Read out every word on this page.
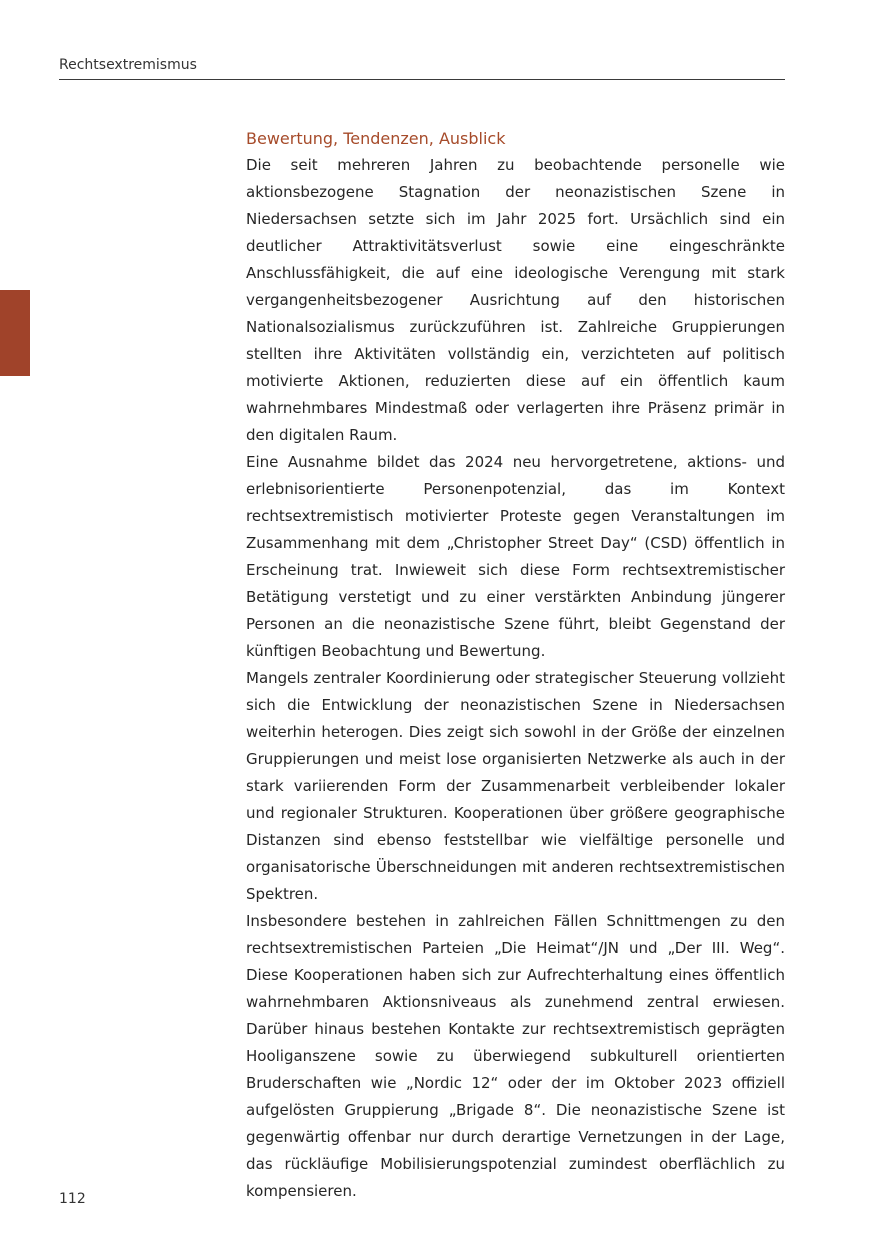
Rechtsextremismus
Bewertung, Tendenzen, Ausblick

Die seit mehreren Jahren zu beobachtende personelle wie aktionsbezogene Stagnation der neonazistischen Szene in Niedersachsen setzte sich im Jahr 2025 fort. Ursächlich sind ein deutlicher Attraktivitätsverlust sowie eine eingeschränkte Anschlussfähigkeit, die auf eine ideologische Verengung mit stark vergangenheitsbezogener Ausrichtung auf den historischen Nationalsozialismus zurückzuführen ist. Zahlreiche Gruppierungen stellten ihre Aktivitäten vollständig ein, verzichteten auf politisch motivierte Aktionen, reduzierten diese auf ein öffentlich kaum wahrnehmbares Mindestmaß oder verlagerten ihre Präsenz primär in den digitalen Raum.

Eine Ausnahme bildet das 2024 neu hervorgetretene, aktions- und erlebnisorientierte Personenpotenzial, das im Kontext rechtsextremistisch motivierter Proteste gegen Veranstaltungen im Zusammenhang mit dem „Christopher Street Day“ (CSD) öffentlich in Erscheinung trat. Inwieweit sich diese Form rechtsextremistischer Betätigung verstetigt und zu einer verstärkten Anbindung jüngerer Personen an die neonazistische Szene führt, bleibt Gegenstand der künftigen Beobachtung und Bewertung.

Mangels zentraler Koordinierung oder strategischer Steuerung vollzieht sich die Entwicklung der neonazistischen Szene in Niedersachsen weiterhin heterogen. Dies zeigt sich sowohl in der Größe der einzelnen Gruppierungen und meist lose organisierten Netzwerke als auch in der stark variierenden Form der Zusammenarbeit verbleibender lokaler und regionaler Strukturen. Kooperationen über größere geographische Distanzen sind ebenso feststellbar wie vielfältige personelle und organisatorische Überschneidungen mit anderen rechtsextremistischen Spektren.

Insbesondere bestehen in zahlreichen Fällen Schnittmengen zu den rechtsextremistischen Parteien „Die Heimat“/JN und „Der III. Weg“. Diese Kooperationen haben sich zur Aufrechterhaltung eines öffentlich wahrnehmbaren Aktionsniveaus als zunehmend zentral erwiesen. Darüber hinaus bestehen Kontakte zur rechtsextremistisch geprägten Hooliganszene sowie zu überwiegend subkulturell orientierten Bruderschaften wie „Nordic 12“ oder der im Oktober 2023 offiziell aufgelösten Gruppierung „Brigade 8“. Die neonazistische Szene ist gegenwärtig offenbar nur durch derartige Vernetzungen in der Lage, das rückläufige Mobilisierungspotenzial zumindest oberflächlich zu kompensieren.

112
